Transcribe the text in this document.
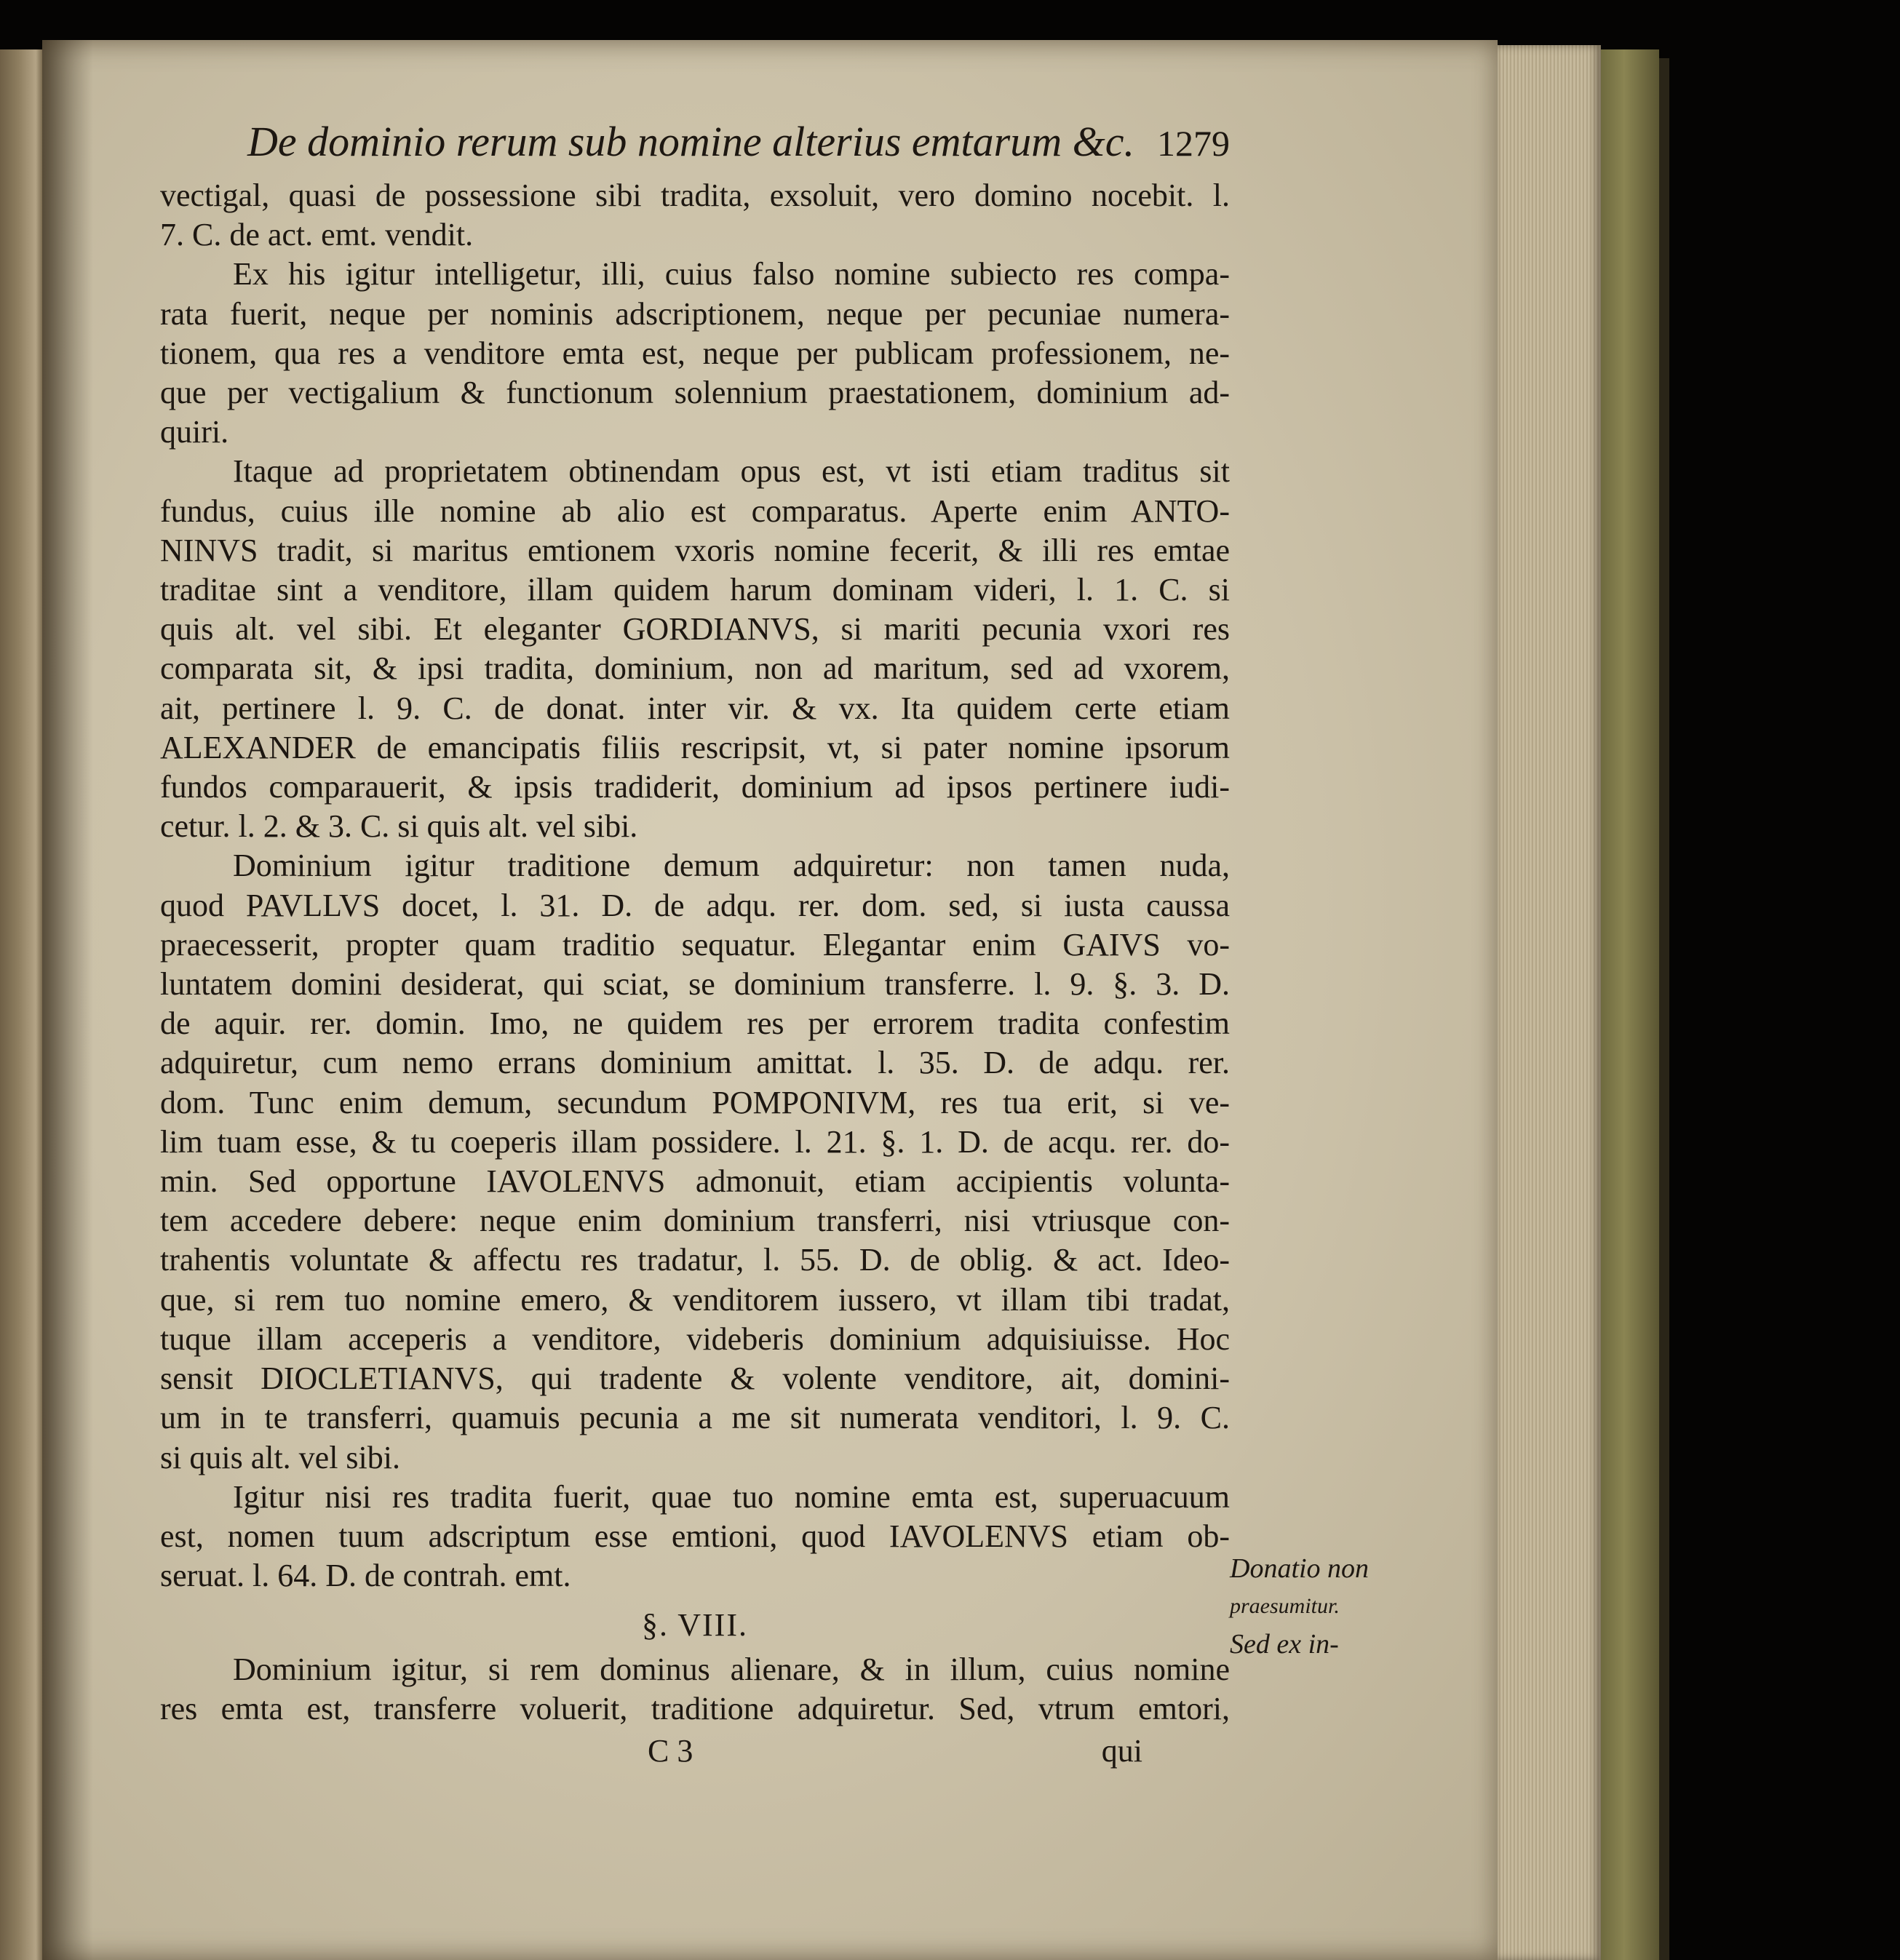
De dominio rerum sub nomine alterius emtarum &c. 1279
vectigal, quasi de possessione sibi tradita, exsoluit, vero domino nocebit. l.
7. C. de act. emt. vendit.
Ex his igitur intelligetur, illi, cuius falso nomine subiecto res compa-
rata fuerit, neque per nominis adscriptionem, neque per pecuniae numera-
tionem, qua res a venditore emta est, neque per publicam professionem, ne-
que per vectigalium & functionum solennium praestationem, dominium ad-
quiri.
Itaque ad proprietatem obtinendam opus est, vt isti etiam traditus sit
fundus, cuius ille nomine ab alio est comparatus. Aperte enim ANTO-
NINVS tradit, si maritus emtionem vxoris nomine fecerit, & illi res emtae
traditae sint a venditore, illam quidem harum dominam videri, l. 1. C. si
quis alt. vel sibi. Et eleganter GORDIANVS, si mariti pecunia vxori res
comparata sit, & ipsi tradita, dominium, non ad maritum, sed ad vxorem,
ait, pertinere l. 9. C. de donat. inter vir. & vx. Ita quidem certe etiam
ALEXANDER de emancipatis filiis rescripsit, vt, si pater nomine ipsorum
fundos comparauerit, & ipsis tradiderit, dominium ad ipsos pertinere iudi-
cetur. l. 2. & 3. C. si quis alt. vel sibi.
Dominium igitur traditione demum adquiretur: non tamen nuda,
quod PAVLLVS docet, l. 31. D. de adqu. rer. dom. sed, si iusta caussa
praecesserit, propter quam traditio sequatur. Elegantar enim GAIVS vo-
luntatem domini desiderat, qui sciat, se dominium transferre. l. 9. §. 3. D.
de aquir. rer. domin. Imo, ne quidem res per errorem tradita confestim
adquiretur, cum nemo errans dominium amittat. l. 35. D. de adqu. rer.
dom. Tunc enim demum, secundum POMPONIVM, res tua erit, si ve-
lim tuam esse, & tu coeperis illam possidere. l. 21. §. 1. D. de acqu. rer. do-
min. Sed opportune IAVOLENVS admonuit, etiam accipientis volunta-
tem accedere debere: neque enim dominium transferri, nisi vtriusque con-
trahentis voluntate & affectu res tradatur, l. 55. D. de oblig. & act. Ideo-
que, si rem tuo nomine emero, & venditorem iussero, vt illam tibi tradat,
tuque illam acceperis a venditore, videberis dominium adquisiuisse. Hoc
sensit DIOCLETIANVS, qui tradente & volente venditore, ait, domini-
um in te transferri, quamuis pecunia a me sit numerata venditori, l. 9. C.
si quis alt. vel sibi.
Igitur nisi res tradita fuerit, quae tuo nomine emta est, superuacuum
est, nomen tuum adscriptum esse emtioni, quod IAVOLENVS etiam ob-
seruat. l. 64. D. de contrah. emt.
§. VIII.
Dominium igitur, si rem dominus alienare, & in illum, cuius nomine
res emta est, transferre voluerit, traditione adquiretur. Sed, vtrum emtori,
C 3	qui
Donatio non
praesumitur.
Sed ex in-
